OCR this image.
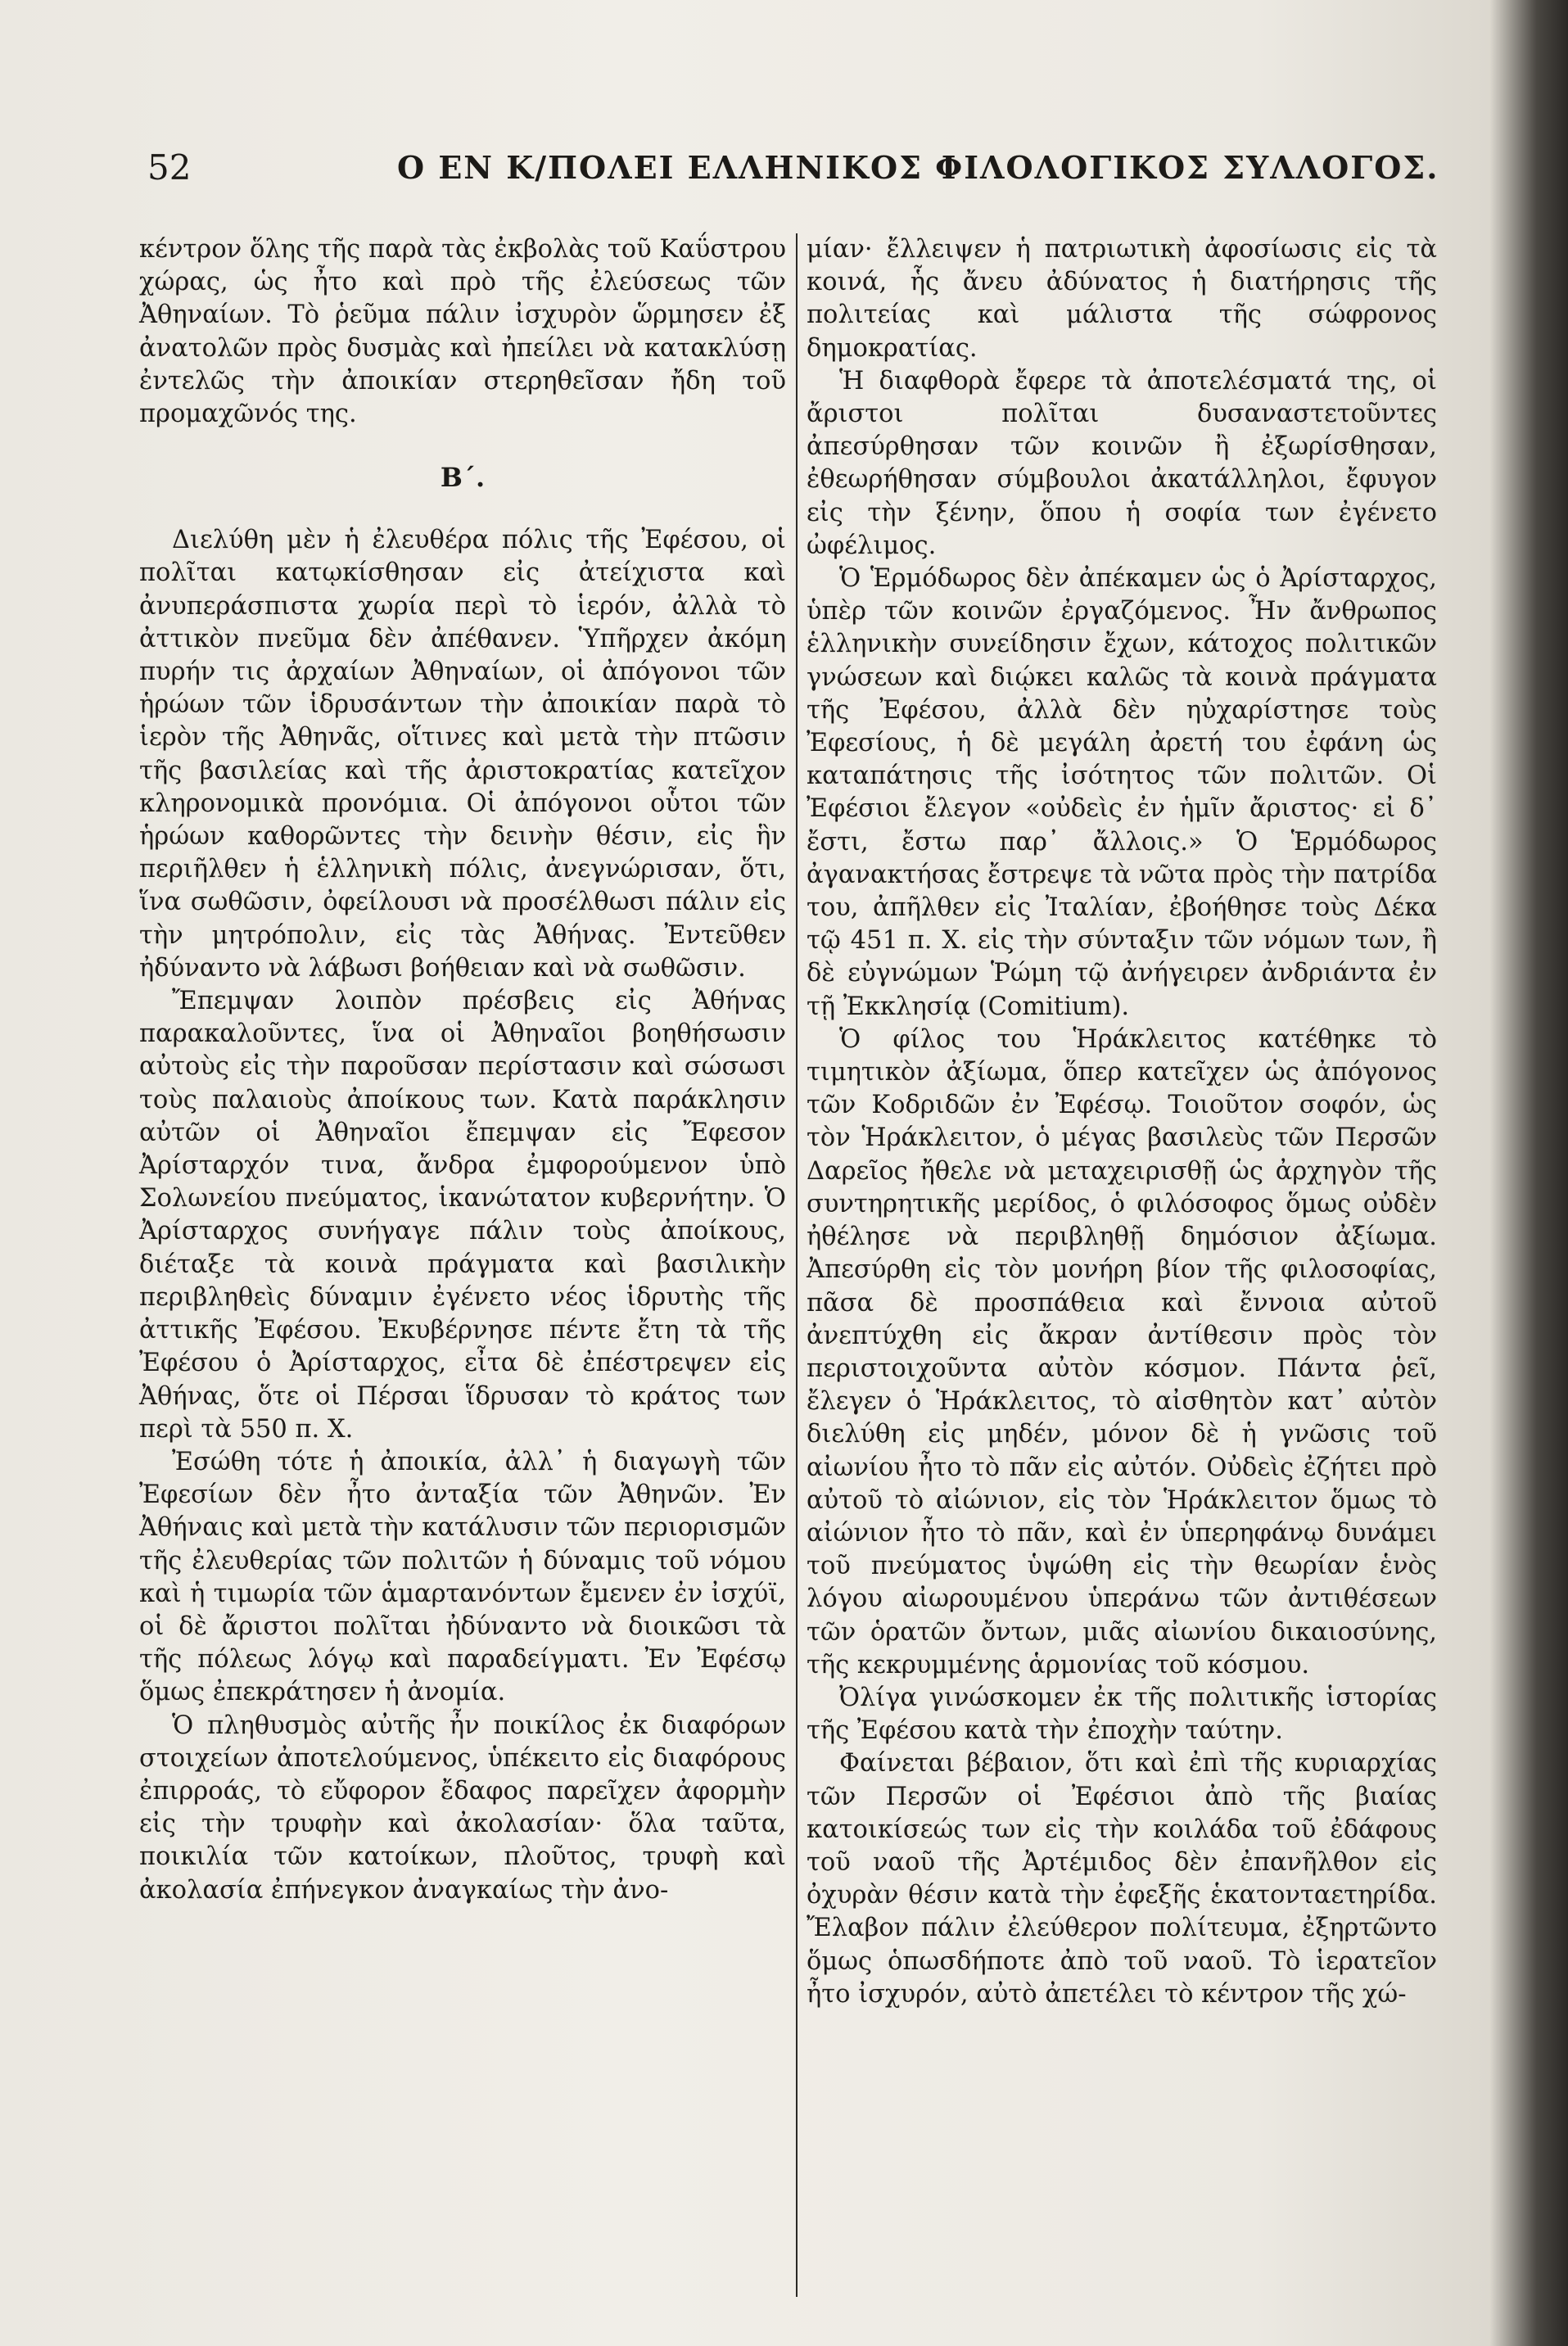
52	Ο ΕΝ Κ/ΠΟΛΕΙ ΕΛΛΗΝΙΚΟΣ ΦΙΛΟΛΟΓΙΚΟΣ ΣΥΛΛΟΓΟΣ.

κέντρον ὅλης τῆς παρὰ τὰς ἐκβολὰς τοῦ Καΰστρου χώρας, ὡς ἦτο καὶ πρὸ τῆς ἐλεύσεως τῶν Ἀθηναίων. Τὸ ῥεῦμα πάλιν ἰσχυρὸν ὥρμησεν ἐξ ἀνατολῶν πρὸς δυσμὰς καὶ ἠπείλει νὰ κατακλύσῃ ἐντελῶς τὴν ἀποικίαν στερηθεῖσαν ἤδη τοῦ προμαχῶνός της.

Β΄.

Διελύθη μὲν ἡ ἐλευθέρα πόλις τῆς Ἐφέσου, οἱ πολῖται κατῳκίσθησαν εἰς ἀτείχιστα καὶ ἀνυπεράσπιστα χωρία περὶ τὸ ἱερόν, ἀλλὰ τὸ ἀττικὸν πνεῦμα δὲν ἀπέθανεν. Ὑπῆρχεν ἀκόμη πυρήν τις ἀρχαίων Ἀθηναίων, οἱ ἀπόγονοι τῶν ἡρώων τῶν ἱδρυσάντων τὴν ἀποικίαν παρὰ τὸ ἱερὸν τῆς Ἀθηνᾶς, οἵτινες καὶ μετὰ τὴν πτῶσιν τῆς βασιλείας καὶ τῆς ἀριστοκρατίας κατεῖχον κληρονομικὰ προνόμια. Οἱ ἀπόγονοι οὗτοι τῶν ἡρώων καθορῶντες τὴν δεινὴν θέσιν, εἰς ἣν περιῆλθεν ἡ ἑλληνικὴ πόλις, ἀνεγνώρισαν, ὅτι, ἵνα σωθῶσιν, ὀφείλουσι νὰ προσέλθωσι πάλιν εἰς τὴν μητρόπολιν, εἰς τὰς Ἀθήνας. Ἐντεῦθεν ἠδύναντο νὰ λάβωσι βοήθειαν καὶ νὰ σωθῶσιν.

Ἔπεμψαν λοιπὸν πρέσβεις εἰς Ἀθήνας παρακαλοῦντες, ἵνα οἱ Ἀθηναῖοι βοηθήσωσιν αὐτοὺς εἰς τὴν παροῦσαν περίστασιν καὶ σώσωσι τοὺς παλαιοὺς ἀποίκους των. Κατὰ παράκλησιν αὐτῶν οἱ Ἀθηναῖοι ἔπεμψαν εἰς Ἔφεσον Ἀρίσταρχόν τινα, ἄνδρα ἐμφορούμενον ὑπὸ Σολωνείου πνεύματος, ἱκανώτατον κυβερνήτην. Ὁ Ἀρίσταρχος συνήγαγε πάλιν τοὺς ἀποίκους, διέταξε τὰ κοινὰ πράγματα καὶ βασιλικὴν περιβληθεὶς δύναμιν ἐγένετο νέος ἱδρυτὴς τῆς ἀττικῆς Ἐφέσου. Ἐκυβέρνησε πέντε ἔτη τὰ τῆς Ἐφέσου ὁ Ἀρίσταρχος, εἶτα δὲ ἐπέστρεψεν εἰς Ἀθήνας, ὅτε οἱ Πέρσαι ἵδρυσαν τὸ κράτος των περὶ τὰ 550 π. Χ.

Ἐσώθη τότε ἡ ἀποικία, ἀλλ᾽ ἡ διαγωγὴ τῶν Ἐφεσίων δὲν ἦτο ἀνταξία τῶν Ἀθηνῶν. Ἐν Ἀθήναις καὶ μετὰ τὴν κατάλυσιν τῶν περιορισμῶν τῆς ἐλευθερίας τῶν πολιτῶν ἡ δύναμις τοῦ νόμου καὶ ἡ τιμωρία τῶν ἁμαρτανόντων ἔμενεν ἐν ἰσχύϊ, οἱ δὲ ἄριστοι πολῖται ἠδύναντο νὰ διοικῶσι τὰ τῆς πόλεως λόγῳ καὶ παραδείγματι. Ἐν Ἐφέσῳ ὅμως ἐπεκράτησεν ἡ ἀνομία.

Ὁ πληθυσμὸς αὐτῆς ἦν ποικίλος ἐκ διαφόρων στοιχείων ἀποτελούμενος, ὑπέκειτο εἰς διαφόρους ἐπιρροάς, τὸ εὔφορον ἔδαφος παρεῖχεν ἀφορμὴν εἰς τὴν τρυφὴν καὶ ἀκολασίαν· ὅλα ταῦτα, ποικιλία τῶν κατοίκων, πλοῦτος, τρυφὴ καὶ ἀκολασία ἐπήνεγκον ἀναγκαίως τὴν ἀνο-

μίαν· ἔλλειψεν ἡ πατριωτικὴ ἀφοσίωσις εἰς τὰ κοινά, ἧς ἄνευ ἀδύνατος ἡ διατήρησις τῆς πολιτείας καὶ μάλιστα τῆς σώφρονος δημοκρατίας.

Ἡ διαφθορὰ ἔφερε τὰ ἀποτελέσματά της, οἱ ἄριστοι πολῖται δυσαναστετοῦντες ἀπεσύρθησαν τῶν κοινῶν ἢ ἐξωρίσθησαν, ἐθεωρήθησαν σύμβουλοι ἀκατάλληλοι, ἔφυγον εἰς τὴν ξένην, ὅπου ἡ σοφία των ἐγένετο ὠφέλιμος.

Ὁ Ἑρμόδωρος δὲν ἀπέκαμεν ὡς ὁ Ἀρίσταρχος, ὑπὲρ τῶν κοινῶν ἐργαζόμενος. Ἦν ἄνθρωπος ἑλληνικὴν συνείδησιν ἔχων, κάτοχος πολιτικῶν γνώσεων καὶ διῴκει καλῶς τὰ κοινὰ πράγματα τῆς Ἐφέσου, ἀλλὰ δὲν ηὐχαρίστησε τοὺς Ἐφεσίους, ἡ δὲ μεγάλη ἀρετή του ἐφάνη ὡς καταπάτησις τῆς ἰσότητος τῶν πολιτῶν. Οἱ Ἐφέσιοι ἔλεγον «οὐδεὶς ἐν ἡμῖν ἄριστος· εἰ δ᾽ ἔστι, ἔστω παρ᾽ ἄλλοις.» Ὁ Ἑρμόδωρος ἀγανακτήσας ἔστρεψε τὰ νῶτα πρὸς τὴν πατρίδα του, ἀπῆλθεν εἰς Ἰταλίαν, ἐβοήθησε τοὺς Δέκα τῷ 451 π. Χ. εἰς τὴν σύνταξιν τῶν νόμων των, ἢ δὲ εὐγνώμων Ῥώμη τῷ ἀνήγειρεν ἀνδριάντα ἐν τῇ Ἐκκλησίᾳ (Comitium).

Ὁ φίλος του Ἡράκλειτος κατέθηκε τὸ τιμητικὸν ἀξίωμα, ὅπερ κατεῖχεν ὡς ἀπόγονος τῶν Κοδριδῶν ἐν Ἐφέσῳ. Τοιοῦτον σοφόν, ὡς τὸν Ἡράκλειτον, ὁ μέγας βασιλεὺς τῶν Περσῶν Δαρεῖος ἤθελε νὰ μεταχειρισθῇ ὡς ἀρχηγὸν τῆς συντηρητικῆς μερίδος, ὁ φιλόσοφος ὅμως οὐδὲν ἠθέλησε νὰ περιβληθῇ δημόσιον ἀξίωμα. Ἀπεσύρθη εἰς τὸν μονήρη βίον τῆς φιλοσοφίας, πᾶσα δὲ προσπάθεια καὶ ἔννοια αὐτοῦ ἀνεπτύχθη εἰς ἄκραν ἀντίθεσιν πρὸς τὸν περιστοιχοῦντα αὐτὸν κόσμον. Πάντα ῥεῖ, ἔλεγεν ὁ Ἡράκλειτος, τὸ αἰσθητὸν κατ᾽ αὐτὸν διελύθη εἰς μηδέν, μόνον δὲ ἡ γνῶσις τοῦ αἰωνίου ἦτο τὸ πᾶν εἰς αὐτόν. Οὐδεὶς ἐζήτει πρὸ αὐτοῦ τὸ αἰώνιον, εἰς τὸν Ἡράκλειτον ὅμως τὸ αἰώνιον ἦτο τὸ πᾶν, καὶ ἐν ὑπερηφάνῳ δυνάμει τοῦ πνεύματος ὑψώθη εἰς τὴν θεωρίαν ἑνὸς λόγου αἰωρουμένου ὑπεράνω τῶν ἀντιθέσεων τῶν ὁρατῶν ὄντων, μιᾶς αἰωνίου δικαιοσύνης, τῆς κεκρυμμένης ἁρμονίας τοῦ κόσμου.

Ὀλίγα γινώσκομεν ἐκ τῆς πολιτικῆς ἱστορίας τῆς Ἐφέσου κατὰ τὴν ἐποχὴν ταύτην.

Φαίνεται βέβαιον, ὅτι καὶ ἐπὶ τῆς κυριαρχίας τῶν Περσῶν οἱ Ἐφέσιοι ἀπὸ τῆς βιαίας κατοικίσεώς των εἰς τὴν κοιλάδα τοῦ ἐδάφους τοῦ ναοῦ τῆς Ἀρτέμιδος δὲν ἐπανῆλθον εἰς ὀχυρὰν θέσιν κατὰ τὴν ἐφεξῆς ἑκατονταετηρίδα. Ἔλαβον πάλιν ἐλεύθερον πολίτευμα, ἐξηρτῶντο ὅμως ὁπωσδήποτε ἀπὸ τοῦ ναοῦ. Τὸ ἱερατεῖον ἦτο ἰσχυρόν, αὐτὸ ἀπετέλει τὸ κέντρον τῆς χώ-
